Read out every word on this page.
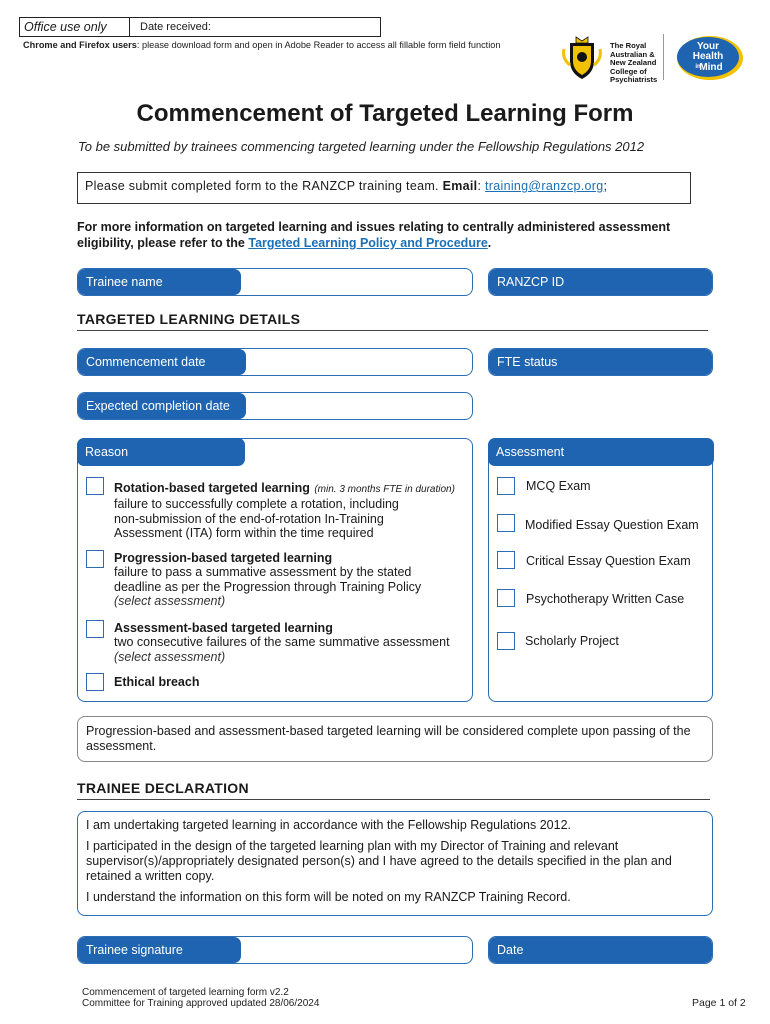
Office use only	Date received:
Chrome and Firefox users: please download form and open in Adobe Reader to access all fillable form field function	The Royal
Australian &
New Zealand
College of
Psychiatrists
Your
Health
in
Mind
Commencement of Targeted Learning Form
To be submitted by trainees commencing targeted learning under the Fellowship Regulations 2012
Please submit completed form to the RANZCP training team. Email: training@ranzcp.org;
For more information on targeted learning and issues relating to centrally administered assessment eligibility, please refer to the Targeted Learning Policy and Procedure.
Trainee name	RANZCP ID
TARGETED LEARNING DETAILS
Commencement date	FTE status
Expected completion date
Reason
Rotation-based targeted learning (min. 3 months FTE in duration)
failure to successfully complete a rotation, including
non-submission of the end-of-rotation In-Training
Assessment (ITA) form within the time required
Progression-based targeted learning
failure to pass a summative assessment by the stated
deadline as per the Progression through Training Policy
(select assessment)
Assessment-based targeted learning
two consecutive failures of the same summative assessment
(select assessment)
Ethical breach
Assessment
MCQ Exam
Modified Essay Question Exam
Critical Essay Question Exam
Psychotherapy Written Case
Scholarly Project
Progression-based and assessment-based targeted learning will be considered complete upon passing of the assessment.
TRAINEE DECLARATION

I am undertaking targeted learning in accordance with the Fellowship Regulations 2012.

I participated in the design of the targeted learning plan with my Director of Training and relevant supervisor(s)/appropriately designated person(s) and I have agreed to the details specified in the plan and retained a written copy.

I understand the information on this form will be noted on my RANZCP Training Record.

Trainee signature	Date
Commencement of targeted learning form v2.2
Committee for Training approved updated 28/06/2024	Page 1 of 2
